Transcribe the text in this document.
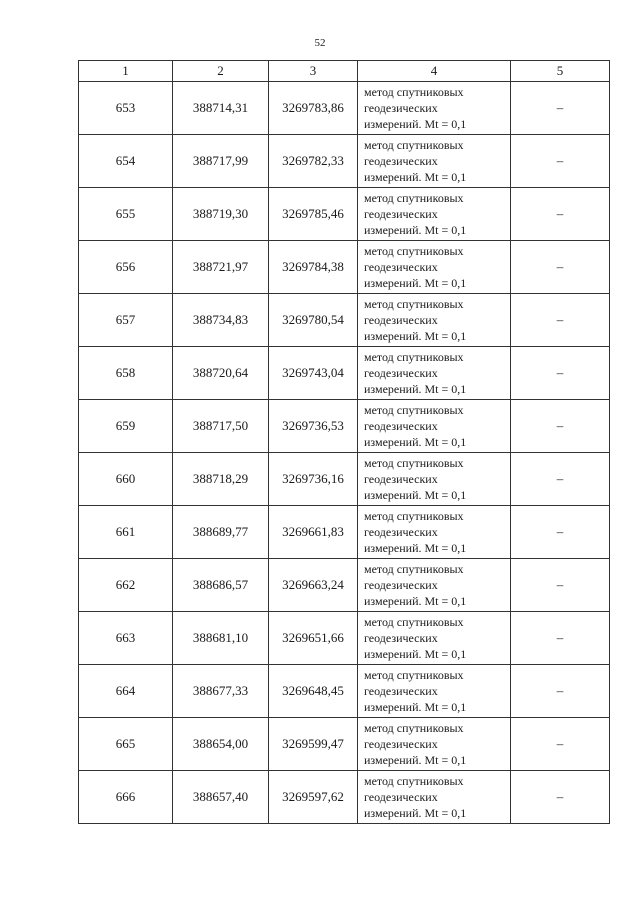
52
1	2	3	4	5
653	388714,31	3269783,86	метод спутниковых
геодезических
измерений. Mt = 0,1	–
654	388717,99	3269782,33	метод спутниковых
геодезических
измерений. Mt = 0,1	–
655	388719,30	3269785,46	метод спутниковых
геодезических
измерений. Mt = 0,1	–
656	388721,97	3269784,38	метод спутниковых
геодезических
измерений. Mt = 0,1	–
657	388734,83	3269780,54	метод спутниковых
геодезических
измерений. Mt = 0,1	–
658	388720,64	3269743,04	метод спутниковых
геодезических
измерений. Mt = 0,1	–
659	388717,50	3269736,53	метод спутниковых
геодезических
измерений. Mt = 0,1	–
660	388718,29	3269736,16	метод спутниковых
геодезических
измерений. Mt = 0,1	–
661	388689,77	3269661,83	метод спутниковых
геодезических
измерений. Mt = 0,1	–
662	388686,57	3269663,24	метод спутниковых
геодезических
измерений. Mt = 0,1	–
663	388681,10	3269651,66	метод спутниковых
геодезических
измерений. Mt = 0,1	–
664	388677,33	3269648,45	метод спутниковых
геодезических
измерений. Mt = 0,1	–
665	388654,00	3269599,47	метод спутниковых
геодезических
измерений. Mt = 0,1	–
666	388657,40	3269597,62	метод спутниковых
геодезических
измерений. Mt = 0,1	–
